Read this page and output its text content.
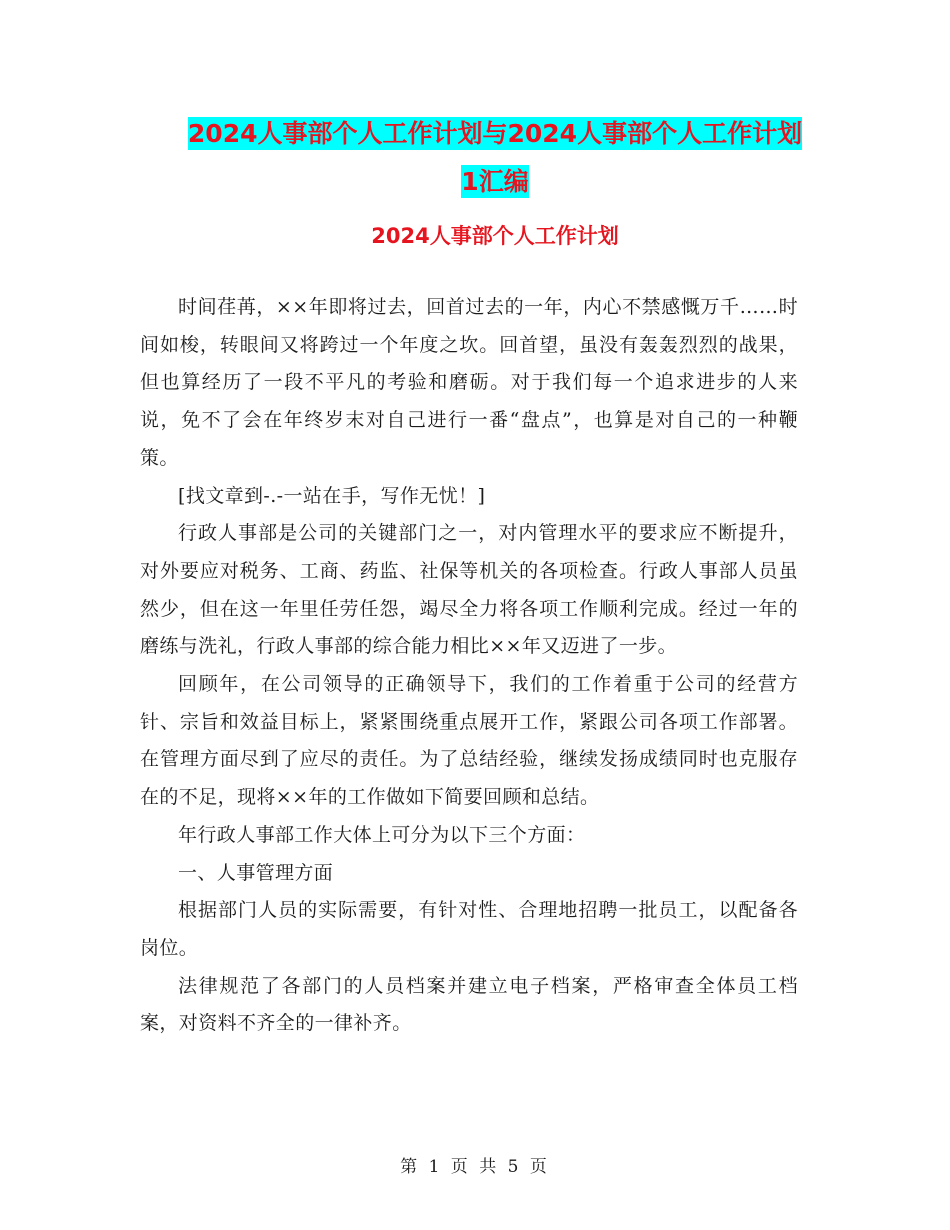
2024人事部个人工作计划与2024人事部个人工作计划
1汇编
2024人事部个人工作计划

时间荏苒，××年即将过去，回首过去的一年，内心不禁感慨万千……时间如梭，转眼间又将跨过一个年度之坎。回首望，虽没有轰轰烈烈的战果，但也算经历了一段不平凡的考验和磨砺。对于我们每一个追求进步的人来说，免不了会在年终岁末对自己进行一番“盘点”，也算是对自己的一种鞭策。

[找文章到-.-一站在手，写作无忧！]

行政人事部是公司的关键部门之一，对内管理水平的要求应不断提升，对外要应对税务、工商、药监、社保等机关的各项检查。行政人事部人员虽然少，但在这一年里任劳任怨，竭尽全力将各项工作顺利完成。经过一年的磨练与洗礼，行政人事部的综合能力相比××年又迈进了一步。

回顾年，在公司领导的正确领导下，我们的工作着重于公司的经营方针、宗旨和效益目标上，紧紧围绕重点展开工作，紧跟公司各项工作部署。在管理方面尽到了应尽的责任。为了总结经验，继续发扬成绩同时也克服存在的不足，现将××年的工作做如下简要回顾和总结。

年行政人事部工作大体上可分为以下三个方面：

一、人事管理方面

根据部门人员的实际需要，有针对性、合理地招聘一批员工，以配备各岗位。

法律规范了各部门的人员档案并建立电子档案，严格审查全体员工档案，对资料不齐全的一律补齐。

第 1 页 共 5 页
